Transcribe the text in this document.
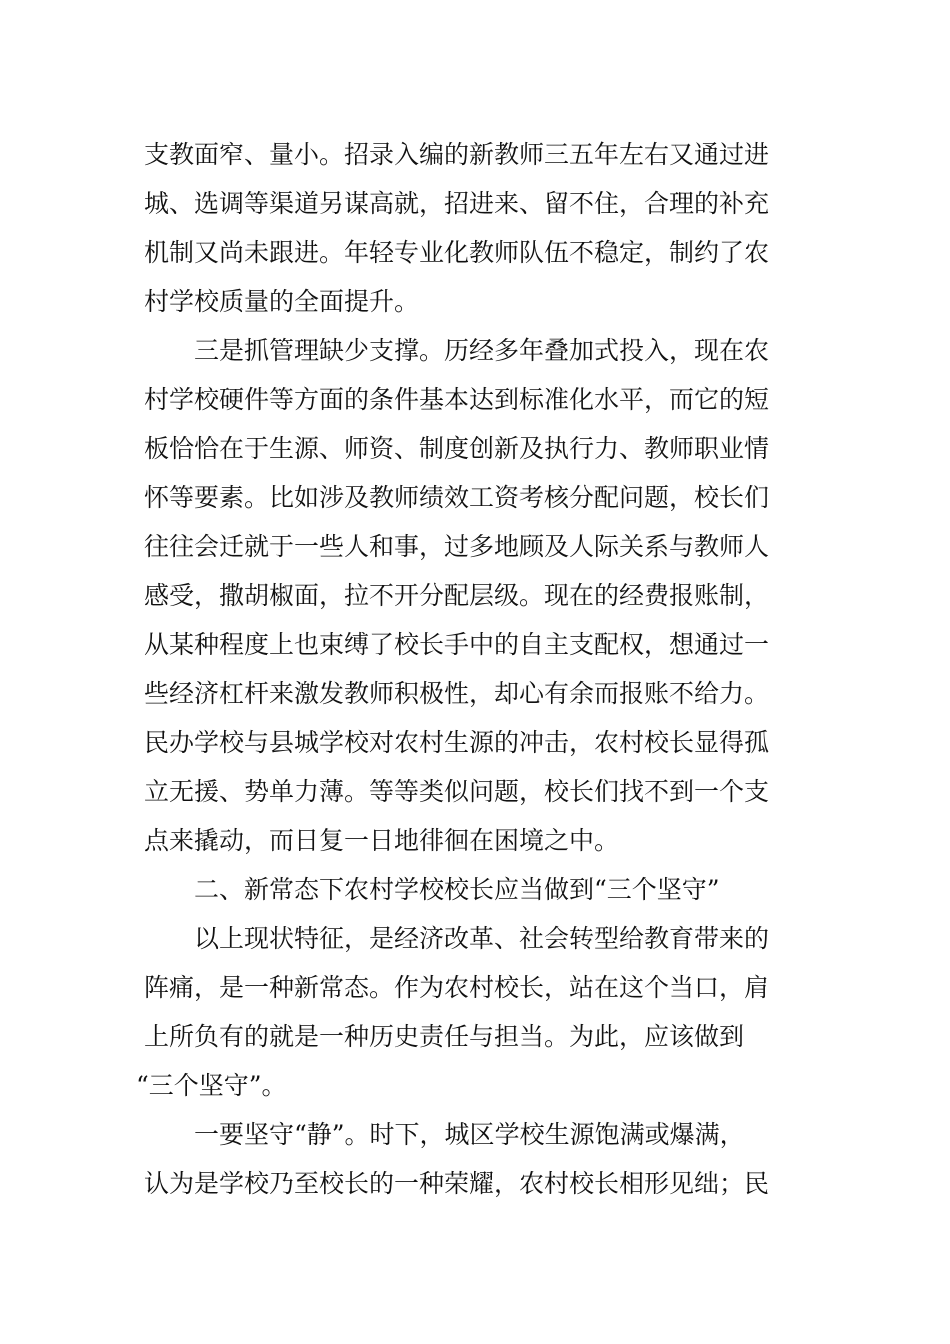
支教面窄、量小。招录入编的新教师三五年左右又通过进
城、选调等渠道另谋高就，招进来、留不住，合理的补充
机制又尚未跟进。年轻专业化教师队伍不稳定，制约了农
村学校质量的全面提升。
三是抓管理缺少支撑。历经多年叠加式投入，现在农
村学校硬件等方面的条件基本达到标准化水平，而它的短
板恰恰在于生源、师资、制度创新及执行力、教师职业情
怀等要素。比如涉及教师绩效工资考核分配问题，校长们
往往会迁就于一些人和事，过多地顾及人际关系与教师人
感受，撒胡椒面，拉不开分配层级。现在的经费报账制，
从某种程度上也束缚了校长手中的自主支配权，想通过一
些经济杠杆来激发教师积极性，却心有余而报账不给力。
民办学校与县城学校对农村生源的冲击，农村校长显得孤
立无援、势单力薄。等等类似问题，校长们找不到一个支
点来撬动，而日复一日地徘徊在困境之中。
二、新常态下农村学校校长应当做到“三个坚守”
以上现状特征，是经济改革、社会转型给教育带来的
阵痛，是一种新常态。作为农村校长，站在这个当口，肩
上所负有的就是一种历史责任与担当。为此，应该做到
“三个坚守”。
一要坚守“静”。时下，城区学校生源饱满或爆满，
认为是学校乃至校长的一种荣耀，农村校长相形见绌；民
